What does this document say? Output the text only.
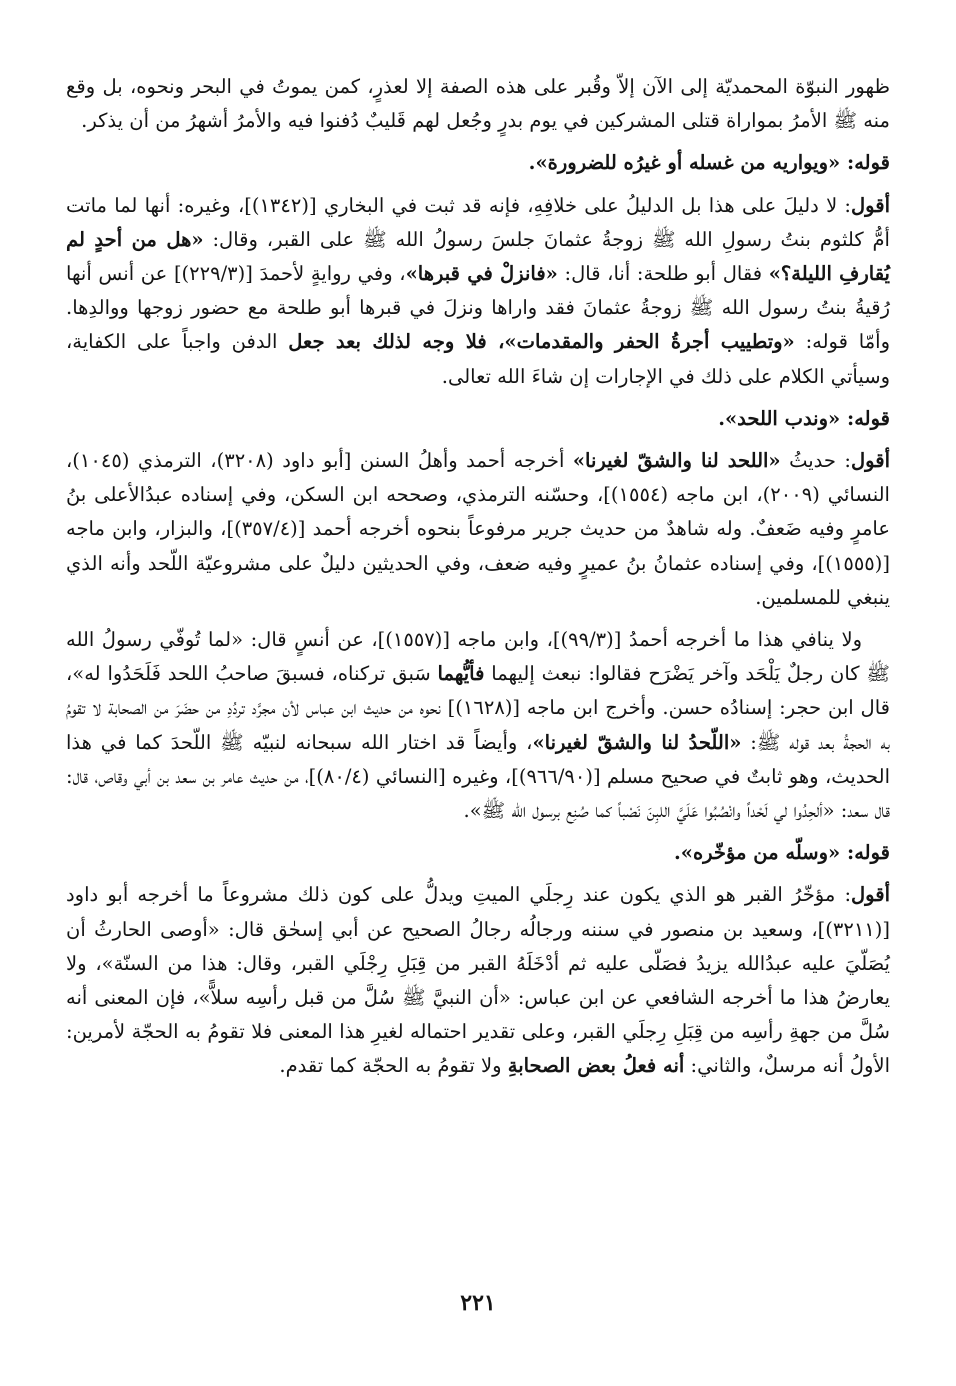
ظهور النبوّة المحمديّة إلى الآن إلاّ وقُبر على هذه الصفة إلا لعذرٍ، كمن يموتُ في البحر ونحوه، بل وقع منه ﷺ الأمرُ بمواراة قتلى المشركين في يوم بدرٍ وجُعل لهم قَليبٌ دُفنوا فيه والأمرُ أشهرُ من أن يذكر.

قوله: «ويواريه من غسله أو غيرُه للضرورة».

أقول: لا دليلَ على هذا بل الدليلُ على خلافِهِ، فإنه قد ثبت في البخاري [(١٣٤٢)]، وغيره: أنها لما ماتت أمُّ كلثوم بنتُ رسولِ الله ﷺ زوجةُ عثمانَ جلسَ رسولُ الله ﷺ على القبر، وقال: «هل من أحدٍ لم يُقارفِ الليلة؟» فقال أبو طلحة: أنا، قال: «فانزلْ في قبرها»، وفي روايةٍ لأحمدَ [(٢٢٩/٣)] عن أنس أنها رُقيةُ بنتُ رسول الله ﷺ زوجةُ عثمانَ فقد واراها ونزلَ في قبرها أبو طلحة مع حضور زوجها ووالدِها. وأمّا قوله: «وتطييب أجرةُ الحفر والمقدمات»، فلا وجه لذلك بعد جعل الدفن واجباً على الكفاية، وسيأتي الكلام على ذلك في الإجارات إن شاءَ الله تعالى.

قوله: «وندب اللحد».

أقول: حديثُ «اللحد لنا والشقّ لغيرنا» أخرجه أحمد وأهلُ السنن [أبو داود (٣٢٠٨)، الترمذي (١٠٤٥)، النسائي (٢٠٠٩)، ابن ماجه (١٥٥٤)]، وحسّنه الترمذي، وصححه ابن السكن، وفي إسناده عبدُالأعلى بنُ عامرٍ وفيه ضَعفٌ. وله شاهدٌ من حديث جرير مرفوعاً بنحوه أخرجه أحمد [(٣٥٧/٤)]، والبزار، وابن ماجه [(١٥٥٥)]، وفي إسناده عثمانُ بنُ عميرٍ وفيه ضعف، وفي الحديثين دليلٌ على مشروعيّة اللّحد وأنه الذي ينبغي للمسلمين.

ولا ينافي هذا ما أخرجه أحمدُ [(٩٩/٣)]، وابن ماجه [(١٥٥٧)]، عن أنسٍ قال: «لما تُوفّي رسولُ الله ﷺ كان رجلٌ يَلْحَد وآخر يَضْرَح فقالوا: نبعث إليهما فأيُّهما سَبق تركناه، فسبقَ صاحبُ اللحد فَلَحَدُوا له»، قال ابن حجر: إسنادُه حسن. وأخرج ابن ماجه [(١٦٢٨)] نحوه من حديث ابن عباس لأن مجرَّد تردُدِ من حضَرَ من الصحابة لا تقومُ به الحجةُ بعد قوله ﷺ: «اللّحدُ لنا والشقّ لغيرنا»، وأيضاً قد اختار الله سبحانه لنبيّه ﷺ اللّحدَ كما في هذا الحديث، وهو ثابتٌ في صحيح مسلم [(٩٦٦/٩٠)]، وغيره [النسائي (٨٠/٤)]، من حديث عامر بن سعد بن أبي وقاص، قال: قال سعد: «ألحِدُوا لي لَحْداً وانْصُبُوا عَلَيَّ اللبِنَ نَصْباً كما صُنِع برسول الله ﷺ».

قوله: «وسلّه من مؤخّره».

أقول: مؤخّرُ القبر هو الذي يكون عند رِجلَي الميتِ ويدلُّ على كون ذلك مشروعاً ما أخرجه أبو داود [(٣٢١١)]، وسعيد بن منصور في سننه ورجالُه رجالُ الصحيح عن أبي إسحٰق قال: «أوصى الحارثُ أن يُصَلّيَ عليه عبدُالله يزيدُ فصَلّى عليه ثم أدْخَلَهُ القبر من قِبَلِ رِجْلَي القبر، وقال: هذا من السنّة»، ولا يعارضُ هذا ما أخرجه الشافعي عن ابن عباس: «أن النبيَّ ﷺ سُلَّ من قبل رأسِه سلاًّ»، فإن المعنى أنه سُلَّ من جهةِ رأسِه من قِبَلِ رِجلَي القبر، وعلى تقدير احتماله لغيرِ هذا المعنى فلا تقومُ به الحجّة لأمرين: الأولُ أنه مرسلٌ، والثاني: أنه فعلُ بعض الصحابةِ ولا تقومُ به الحجّة كما تقدم.

٢٢١
